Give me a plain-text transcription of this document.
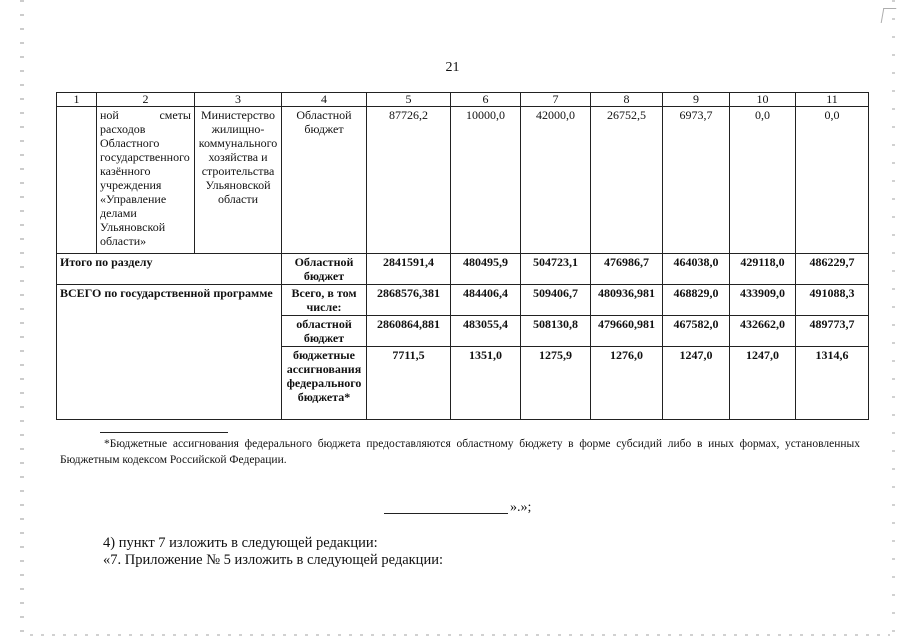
21
1	2	3	4	5	6	7	8	9	10	11
	ной сметы расходов Областного государственного казённого учреждения «Управление делами Ульяновской области»	Министерство жилищно-коммунального хозяйства и строительства Ульяновской области	Областной бюджет	87726,2	10000,0	42000,0	26752,5	6973,7	0,0	0,0
Итого по разделу			Областной бюджет	2841591,4	480495,9	504723,1	476986,7	464038,0	429118,0	486229,7
ВСЕГО по государственной программе			Всего, в том числе:	2868576,381	484406,4	509406,7	480936,981	468829,0	433909,0	491088,3
			областной бюджет	2860864,881	483055,4	508130,8	479660,981	467582,0	432662,0	489773,7
			бюджетные ассигнования федерального бюджета*	7711,5	1351,0	1275,9	1276,0	1247,0	1247,0	1314,6
*Бюджетные ассигнования федерального бюджета предоставляются областному бюджету в форме субсидий либо в иных формах, установленных Бюджетным кодексом Российской Федерации.
».»;
4) пункт 7 изложить в следующей редакции:
«7. Приложение № 5 изложить в следующей редакции:
